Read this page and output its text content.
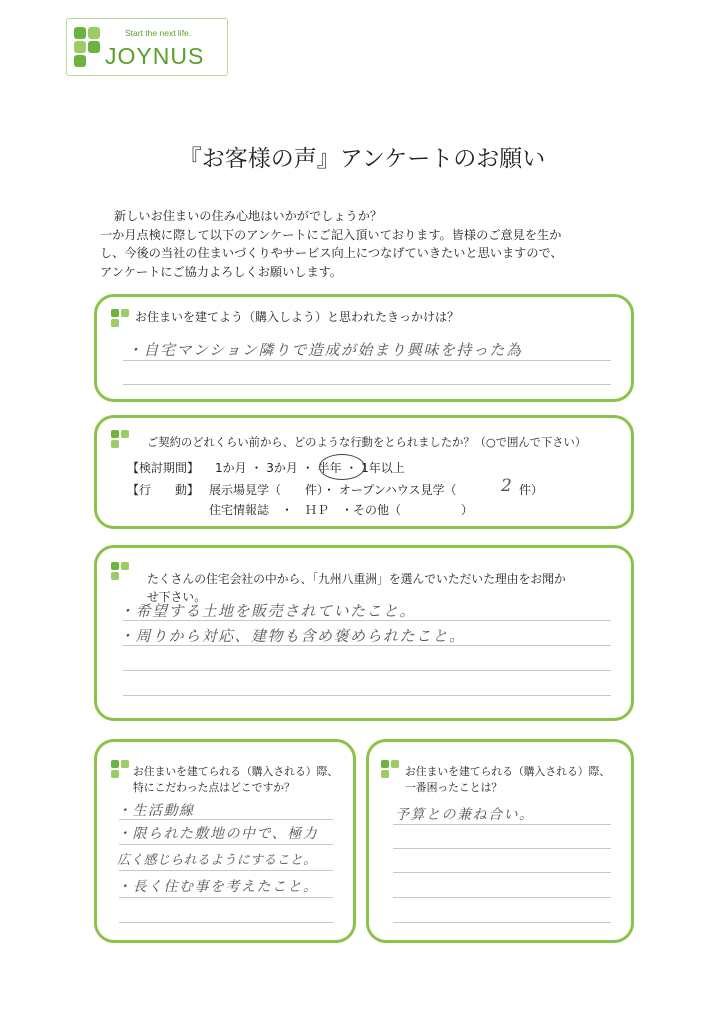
Start the next life.
JOYNUS
『お客様の声』アンケートのお願い

新しいお住まいの住み心地はいかがでしょうか？

一か月点検に際して以下のアンケートにご記入頂いております。皆様のご意見を生か

し、今後の当社の住まいづくりやサービス向上につなげていきたいと思いますので、

アンケートにご協力よろしくお願いします。

お住まいを建てよう（購入しよう）と思われたきっかけは？
・自宅マンション隣りで造成が始まり興味を持った為
ご契約のどれくらい前から、どのような行動をとられましたか？（○で囲んで下さい）
【検討期間】 1か月 ・ 3か月 ・ 半年 ・ 1年以上
【行　　動】 展示場見学（　　件）・ オープンハウス見学（	2 件）
住宅情報誌　・　ＨＰ　・その他（　　　　　）
たくさんの住宅会社の中から、「九州八重洲」を選んでいただいた理由をお聞か
せ下さい。
・希望する土地を販売されていたこと。
・周りから対応、建物も含め褒められたこと。
お住まいを建てられる（購入される）際、
特にこだわった点はどこですか？
・生活動線
・限られた敷地の中で、極力
広く感じられるようにすること。
・長く住む事を考えたこと。
お住まいを建てられる（購入される）際、
一番困ったことは？
予算との兼ね合い。
